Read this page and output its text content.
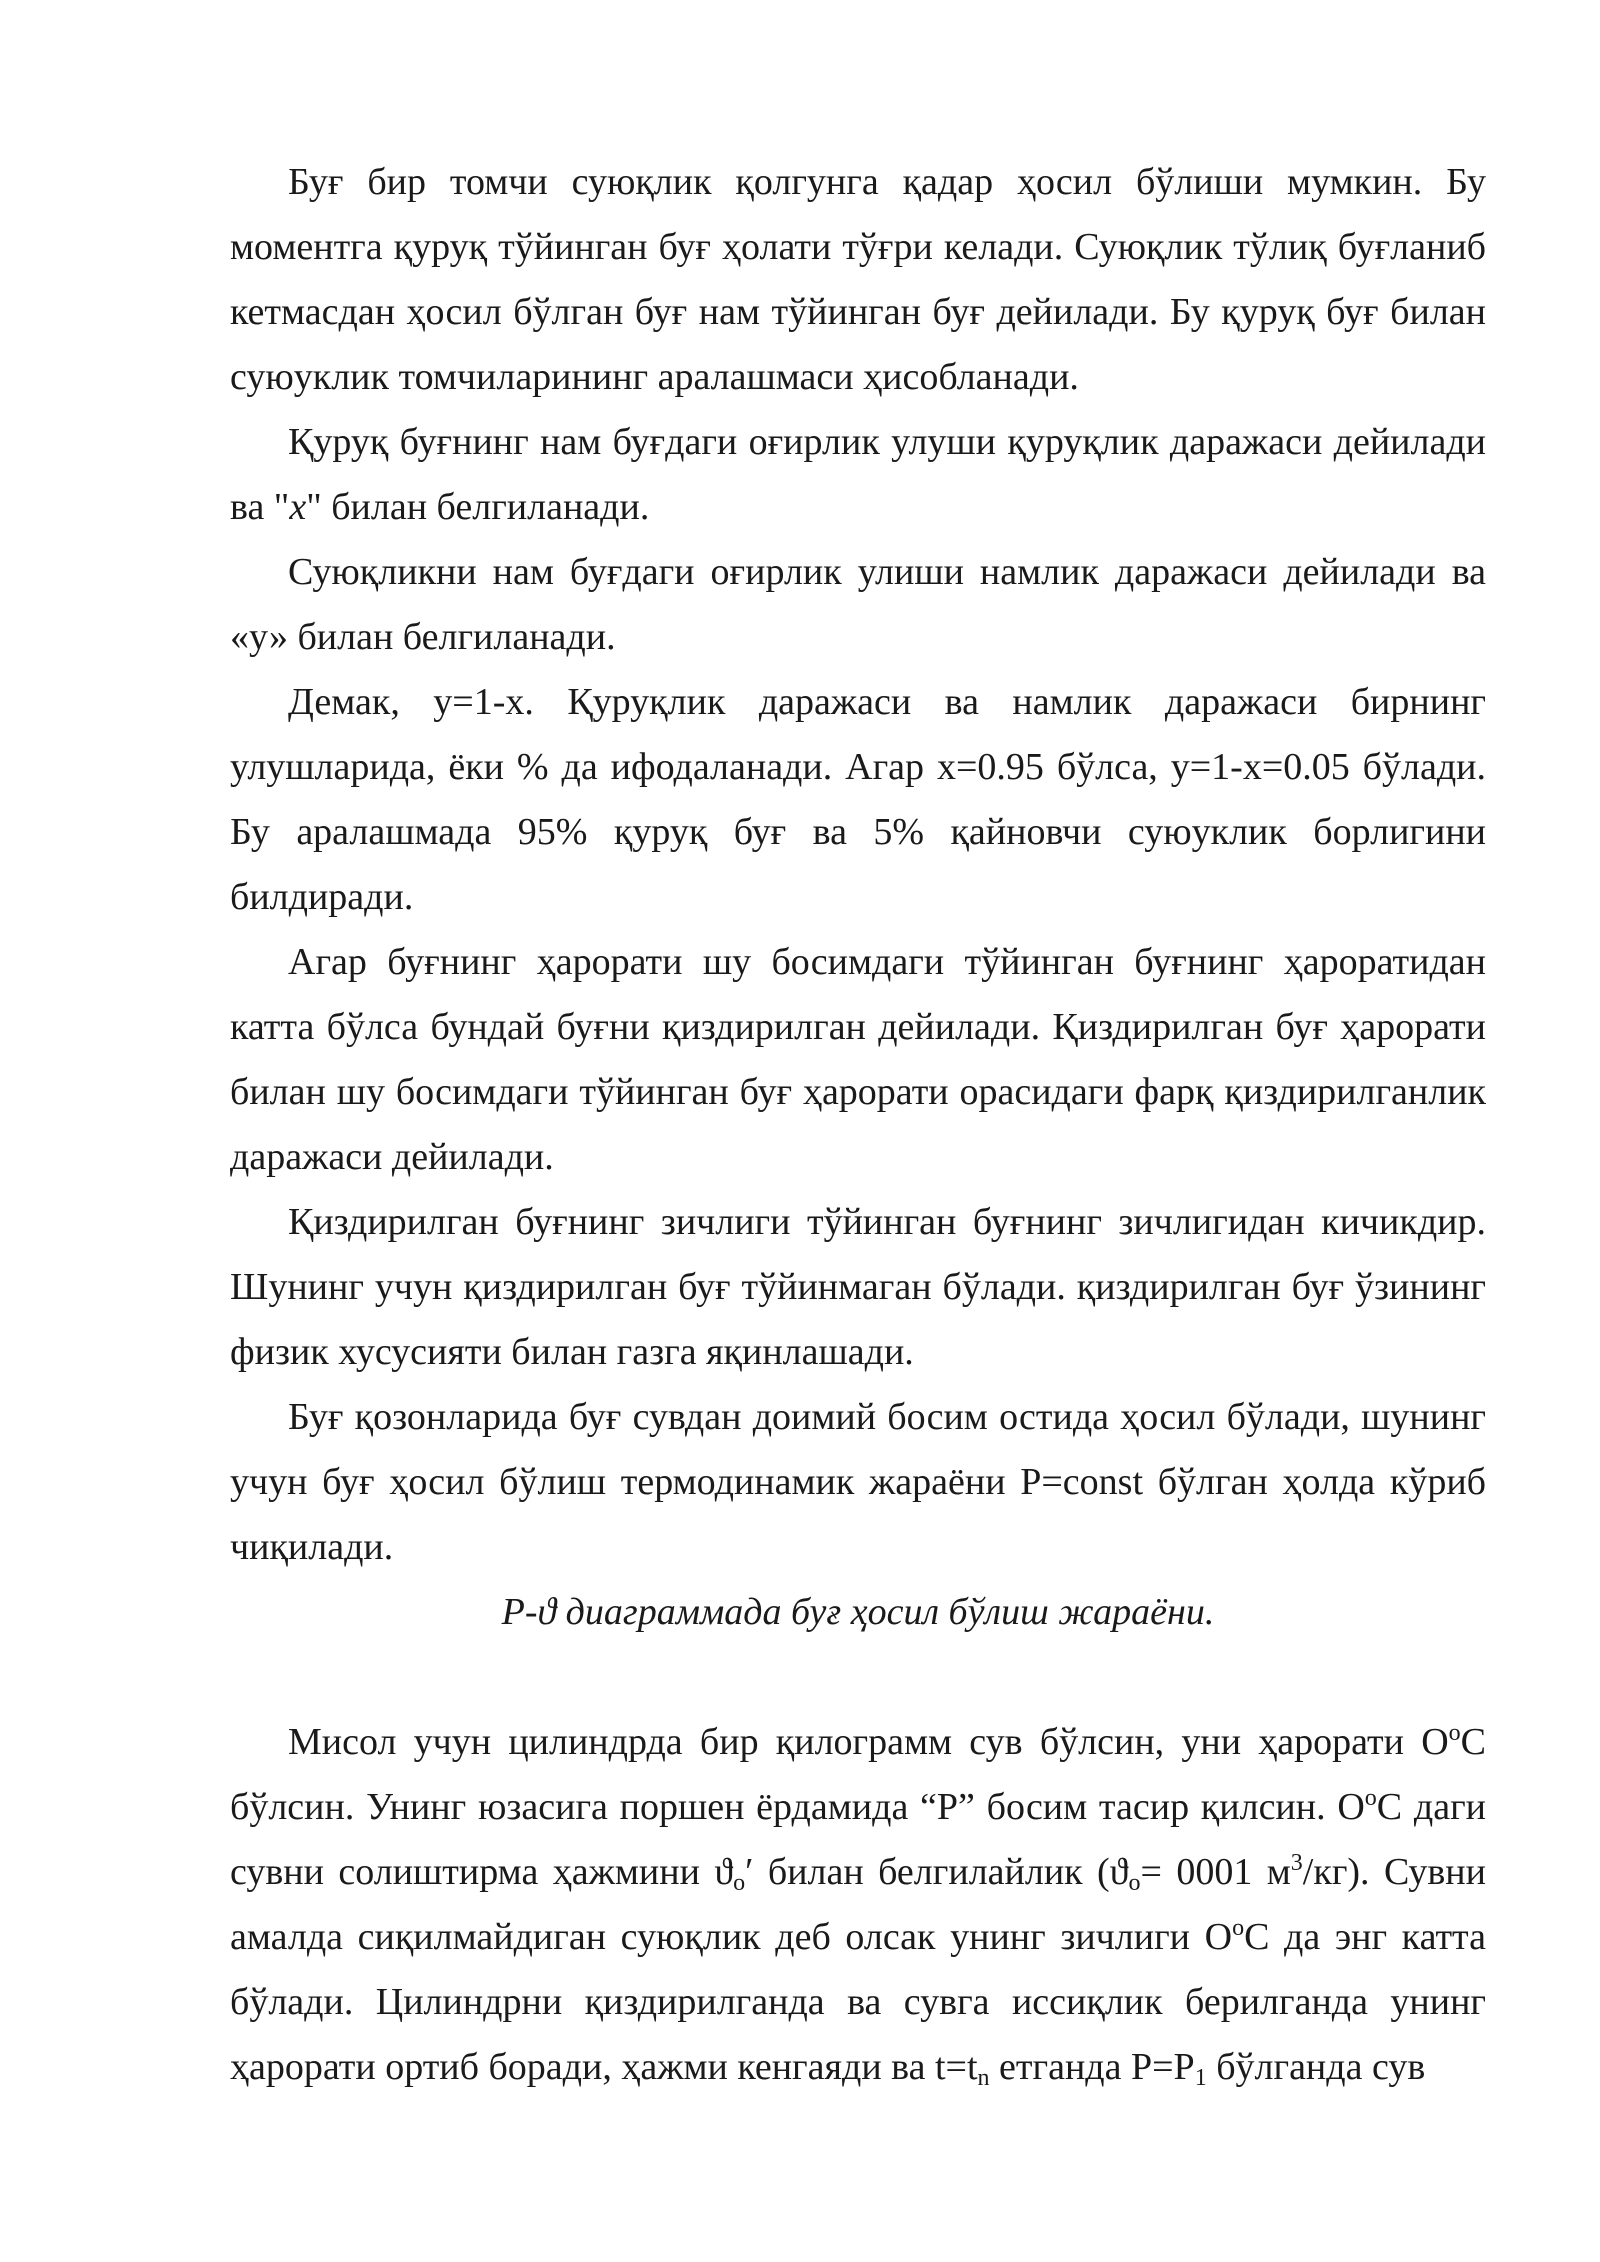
Буғ бир томчи суюқлик қолгунга қадар ҳосил бўлиши мумкин. Бу моментга қуруқ тўйинган буғ ҳолати тўғри келади. Суюқлик тўлиқ буғланиб кетмасдан ҳосил бўлган буғ нам тўйинган буғ дейилади. Бу қуруқ буғ билан суюуклик томчиларининг аралашмаси ҳисобланади.

Қуруқ буғнинг нам буғдаги оғирлик улуши қуруқлик даражаси дейилади ва "х" билан белгиланади.

Суюқликни нам буғдаги оғирлик улиши намлик даражаси дейилади ва «у» билан белгиланади.

Демак, у=1-х. Қуруқлик даражаси ва намлик даражаси бирнинг улушларида, ёки % да ифодаланади. Агар х=0.95 бўлса, у=1-х=0.05 бўлади. Бу аралашмада 95% қуруқ буғ ва 5% қайновчи суюуклик борлигини билдиради.

Агар буғнинг ҳарорати шу босимдаги тўйинган буғнинг ҳароратидан катта бўлса бундай буғни қиздирилган дейилади. Қиздирилган буғ ҳарорати билан шу босимдаги тўйинган буғ ҳарорати орасидаги фарқ қиздирилганлик даражаси дейилади.

Қиздирилган буғнинг зичлиги тўйинган буғнинг зичлигидан кичикдир. Шунинг учун қиздирилган буғ тўйинмаган бўлади. қиздирилган буғ ўзининг физик хусусияти билан газга яқинлашади.

Буғ қозонларида буғ сувдан доимий босим остида ҳосил бўлади, шунинг учун буғ ҳосил бўлиш термодинамик жараёни P=const бўлган ҳолда кўриб чиқилади.

P-ϑ диаграммада буғ ҳосил бўлиш жараёни.

Мисол учун цилиндрда бир қилограмм сув бўлсин, уни ҳарорати $О^оС$ бўлсин. Унинг юзасига поршен ёрдамида “P” босим тасир қилсин. $О^оС$ даги сувни солиштирма ҳажмини $ϑ_о'$ билан белгилайлик ($ϑ_о= 0001$ $м^3/кг$). Сувни амалда сиқилмайдиган суюқлик деб олсак унинг зичлиги $О^оС$ да энг катта бўлади. Цилиндрни қиздирилганда ва сувга иссиқлик берилганда унинг ҳарорати ортиб боради, ҳажми кенгаяди ва $t=t_n$ етганда $P=P_1$ бўлганда сув
